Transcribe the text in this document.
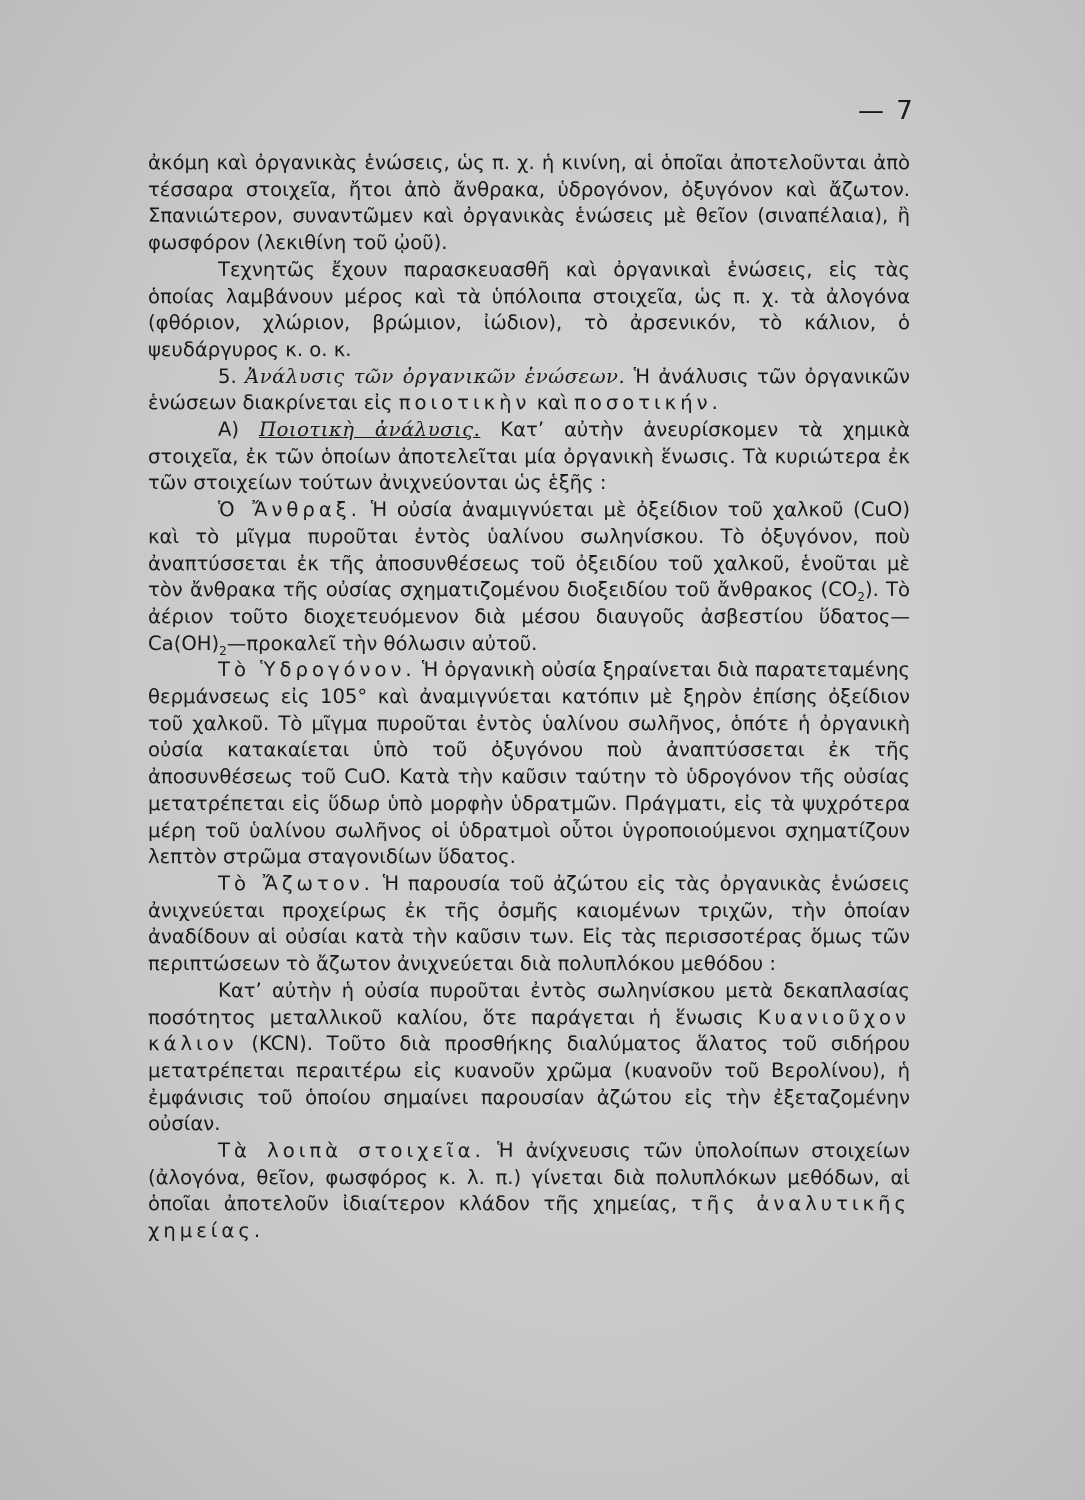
— 7

ἀκόμη καὶ ὀργανικὰς ἑνώσεις, ὡς π. χ. ἡ κινίνη, αἱ ὁποῖαι ἀποτελοῦνται ἀπὸ τέσσαρα στοιχεῖα, ἤτοι ἀπὸ ἄνθρακα, ὑδρογόνον, ὀξυγόνον καὶ ἄζωτον. Σπανιώτερον, συναντῶμεν καὶ ὀργανικὰς ἑνώσεις μὲ θεῖον (σιναπέλαια), ἢ φωσφόρον (λεκιθίνη τοῦ ᾠοῦ).

Τεχνητῶς ἔχουν παρασκευασθῆ καὶ ὀργανικαὶ ἑνώσεις, εἰς τὰς ὁποίας λαμβάνουν μέρος καὶ τὰ ὑπόλοιπα στοιχεῖα, ὡς π. χ. τὰ ἀλογόνα (φθόριον, χλώριον, βρώμιον, ἰώδιον), τὸ ἀρσενικόν, τὸ κάλιον, ὁ ψευδάργυρος κ. ο. κ.

5. Ἀνάλυσις τῶν ὀργανικῶν ἑνώσεων. Ἡ ἀνάλυσις τῶν ὀργανικῶν ἑνώσεων διακρίνεται εἰς ποιοτικὴν καὶ ποσοτικήν.

Α) Ποιοτικὴ ἀνάλυσις. Κατ’ αὐτὴν ἀνευρίσκομεν τὰ χημικὰ στοιχεῖα, ἐκ τῶν ὁποίων ἀποτελεῖται μία ὀργανικὴ ἕνωσις. Τὰ κυριώτερα ἐκ τῶν στοιχείων τούτων ἀνιχνεύονται ὡς ἑξῆς :

Ὁ Ἄνθραξ. Ἡ οὐσία ἀναμιγνύεται μὲ ὀξείδιον τοῦ χαλκοῦ (CuO) καὶ τὸ μῖγμα πυροῦται ἐντὸς ὑαλίνου σωληνίσκου. Τὸ ὀξυγόνον, ποὺ ἀναπτύσσεται ἐκ τῆς ἀποσυνθέσεως τοῦ ὀξειδίου τοῦ χαλκοῦ, ἑνοῦται μὲ τὸν ἄνθρακα τῆς οὐσίας σχηματιζομένου διοξειδίου τοῦ ἄνθρακος $(CO_2)$. Τὸ ἀέριον τοῦτο διοχετευόμενον διὰ μέσου διαυγοῦς ἀσβεστίου $ὕ\delta\alpha\tau o\varsigma—Ca(OH)_2—\pi\rho o\kappa\alpha\lambda\varepsilon ῖ$ τὴν θόλωσιν αὐτοῦ.

Τὸ Ὑδρογόνον. Ἡ ὀργανικὴ οὐσία ξηραίνεται διὰ παρατεταμένης θερμάνσεως εἰς 105° καὶ ἀναμιγνύεται κατόπιν μὲ ξηρὸν ἐπίσης ὀξείδιον τοῦ χαλκοῦ. Τὸ μῖγμα πυροῦται ἐντὸς ὑαλίνου σωλῆνος, ὁπότε ἡ ὀργανικὴ οὐσία κατακαίεται ὑπὸ τοῦ ὀξυγόνου ποὺ ἀναπτύσσεται ἐκ τῆς ἀποσυνθέσεως τοῦ CuO. Κατὰ τὴν καῦσιν ταύτην τὸ ὑδρογόνον τῆς οὐσίας μετατρέπεται εἰς ὕδωρ ὑπὸ μορφὴν ὑδρατμῶν. Πράγματι, εἰς τὰ ψυχρότερα μέρη τοῦ ὑαλίνου σωλῆνος οἱ ὑδρατμοὶ οὗτοι ὑγροποιούμενοι σχηματίζουν λεπτὸν στρῶμα σταγονιδίων ὕδατος.

Τὸ Ἄζωτον. Ἡ παρουσία τοῦ ἀζώτου εἰς τὰς ὀργανικὰς ἑνώσεις ἀνιχνεύεται προχείρως ἐκ τῆς ὀσμῆς καιομένων τριχῶν, τὴν ὁποίαν ἀναδίδουν αἱ οὐσίαι κατὰ τὴν καῦσιν των. Εἰς τὰς περισσοτέρας ὅμως τῶν περιπτώσεων τὸ ἄζωτον ἀνιχνεύεται διὰ πολυπλόκου μεθόδου :

Κατ’ αὐτὴν ἡ οὐσία πυροῦται ἐντὸς σωληνίσκου μετὰ δεκαπλασίας ποσότητος μεταλλικοῦ καλίου, ὅτε παράγεται ἡ ἕνωσις Κυανιοῦχον κάλιον (KCN). Τοῦτο διὰ προσθήκης διαλύματος ἅλατος τοῦ σιδήρου μετατρέπεται περαιτέρω εἰς κυανοῦν χρῶμα (κυανοῦν τοῦ Βερολίνου), ἡ ἐμφάνισις τοῦ ὁποίου σημαίνει παρουσίαν ἀζώτου εἰς τὴν ἐξεταζομένην οὐσίαν.

Τὰ λοιπὰ στοιχεῖα. Ἡ ἀνίχνευσις τῶν ὑπολοίπων στοιχείων (ἀλογόνα, θεῖον, φωσφόρος κ. λ. π.) γίνεται διὰ πολυπλόκων μεθόδων, αἱ ὁποῖαι ἀποτελοῦν ἰδιαίτερον κλάδον τῆς χημείας, τῆς ἀναλυτικῆς χημείας.
